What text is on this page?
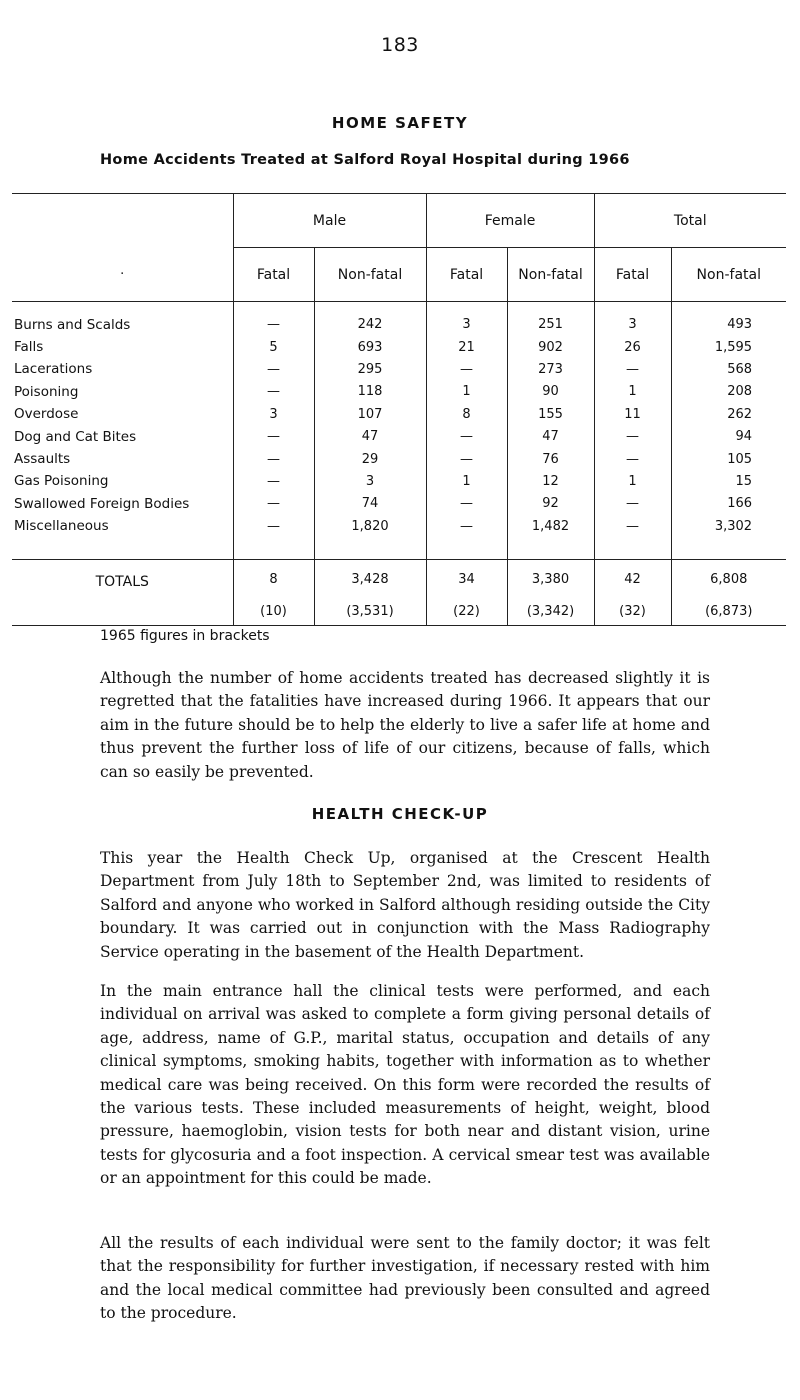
183
HOME SAFETY
Home Accidents Treated at Salford Royal Hospital during 1966
	Male		Female		Total	
·	Fatal	Non-fatal	Fatal	Non-fatal	Fatal	Non-fatal

Burns and Scalds	—	242	3	251	3	493
Falls	5	693	21	902	26	1,595
Lacerations	—	295	—	273	—	568
Poisoning	—	118	1	90	1	208
Overdose	3	107	8	155	11	262
Dog and Cat Bites	—	47	—	47	—	94
Assaults	—	29	—	76	—	105
Gas Poisoning	—	3	1	12	1	15
Swallowed Foreign Bodies	—	74	—	92	—	166
Miscellaneous	—	1,820	—	1,482	—	3,302

TOTALS	8	3,428	34	3,380	42	6,808
	(10)	(3,531)	(22)	(3,342)	(32)	(6,873)
1965 figures in brackets

Although the number of home accidents treated has decreased slightly it is regretted that the fatalities have increased during 1966. It appears that our aim in the future should be to help the elderly to live a safer life at home and thus prevent the further loss of life of our citizens, because of falls, which can so easily be prevented.

HEALTH CHECK-UP

This year the Health Check Up, organised at the Crescent Health Department from July 18th to September 2nd, was limited to residents of Salford and anyone who worked in Salford although residing outside the City boundary. It was carried out in conjunction with the Mass Radiography Service operating in the basement of the Health Department.

In the main entrance hall the clinical tests were performed, and each individual on arrival was asked to complete a form giving personal details of age, address, name of G.P., marital status, occupation and details of any clinical symptoms, smoking habits, together with information as to whether medical care was being received. On this form were recorded the results of the various tests. These included measurements of height, weight, blood pressure, haemoglobin, vision tests for both near and distant vision, urine tests for glycosuria and a foot inspection. A cervical smear test was available or an appointment for this could be made.

All the results of each individual were sent to the family doctor; it was felt that the responsibility for further investigation, if necessary rested with him and the local medical committee had previously been consulted and agreed to the procedure.
